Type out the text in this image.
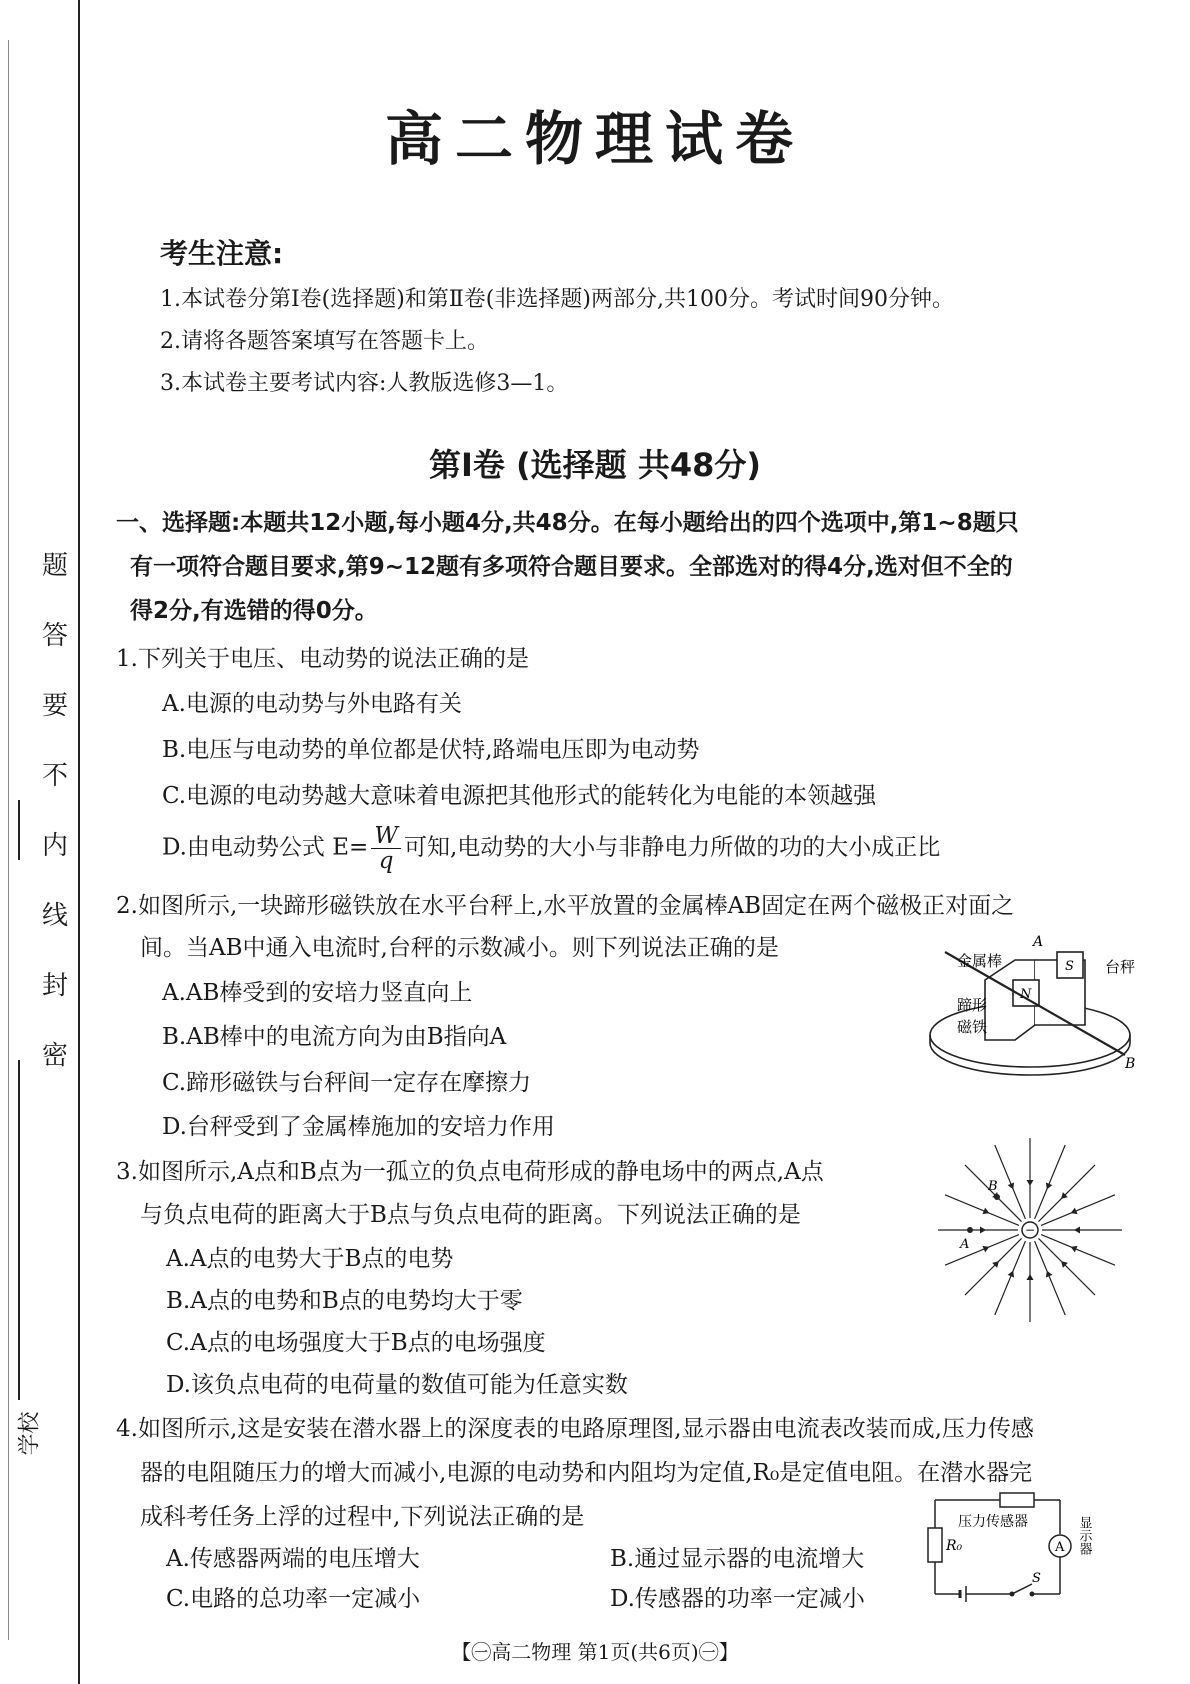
题
答
要
不
内
线
封
密
学校
高二物理试卷
考生注意:
1.本试卷分第Ⅰ卷(选择题)和第Ⅱ卷(非选择题)两部分,共100分。考试时间90分钟。
2.请将各题答案填写在答题卡上。
3.本试卷主要考试内容:人教版选修3—1。
第Ⅰ卷 (选择题 共48分)
一、选择题:本题共12小题,每小题4分,共48分。在每小题给出的四个选项中,第1~8题只
有一项符合题目要求,第9~12题有多项符合题目要求。全部选对的得4分,选对但不全的
得2分,有选错的得0分。
1.下列关于电压、电动势的说法正确的是
A.电源的电动势与外电路有关
B.电压与电动势的单位都是伏特,路端电压即为电动势
C.电源的电动势越大意味着电源把其他形式的能转化为电能的本领越强
D.由电动势公式 $E= \frac{W}{q}$ 可知,电动势的大小与非静电力所做的功的大小成正比
2.如图所示,一块蹄形磁铁放在水平台秤上,水平放置的金属棒AB固定在两个磁极正对面之
间。当AB中通入电流时,台秤的示数减小。则下列说法正确的是
A.AB棒受到的安培力竖直向上
B.AB棒中的电流方向为由B指向A
C.蹄形磁铁与台秤间一定存在摩擦力
D.台秤受到了金属棒施加的安培力作用
金属棒	台秤
蹄形
磁铁
A
B
N
S
3.如图所示,A点和B点为一孤立的负点电荷形成的静电场中的两点,A点
与负点电荷的距离大于B点与负点电荷的距离。下列说法正确的是
A.A点的电势大于B点的电势
B.A点的电势和B点的电势均大于零
C.A点的电场强度大于B点的电场强度
D.该负点电荷的电荷量的数值可能为任意实数
−
B
A
4.如图所示,这是安装在潜水器上的深度表的电路原理图,显示器由电流表改装而成,压力传感
器的电阻随压力的增大而减小,电源的电动势和内阻均为定值,R₀是定值电阻。在潜水器完
成科考任务上浮的过程中,下列说法正确的是
A.传感器两端的电压增大	B.通过显示器的电流增大
C.电路的总功率一定减小	D.传感器的功率一定减小
压力传感器
R₀	A
S
显示器
【㊀高二物理 第1页(共6页)㊀】
